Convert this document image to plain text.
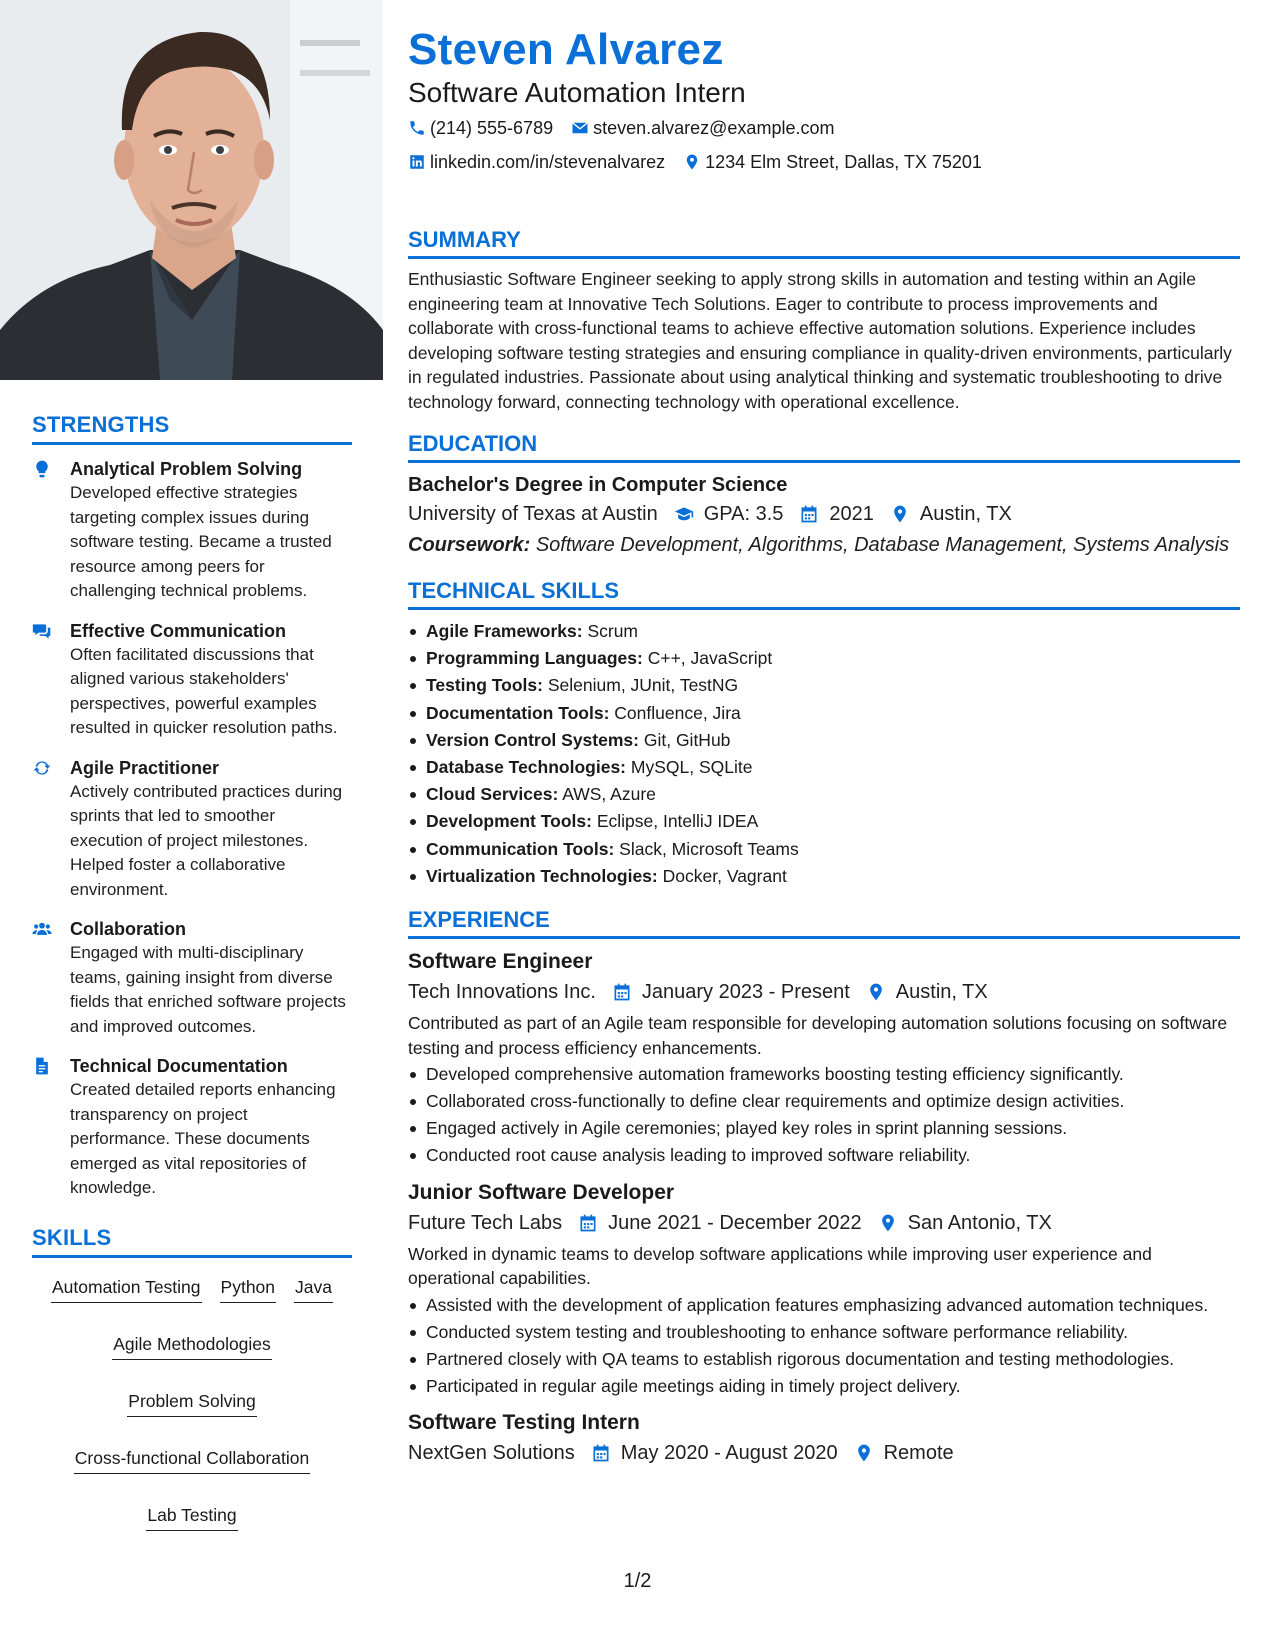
STRENGTHS
Analytical Problem Solving
Developed effective strategies targeting complex issues during software testing. Became a trusted resource among peers for challenging technical problems.
Effective Communication
Often facilitated discussions that aligned various stakeholders' perspectives, powerful examples resulted in quicker resolution paths.
Agile Practitioner
Actively contributed practices during sprints that led to smoother execution of project milestones. Helped foster a collaborative environment.
Collaboration
Engaged with multi-disciplinary teams, gaining insight from diverse fields that enriched software projects and improved outcomes.
Technical Documentation
Created detailed reports enhancing transparency on project performance. These documents emerged as vital repositories of knowledge.
SKILLS
Automation Testing Python Java
Agile Methodologies
Problem Solving
Cross-functional Collaboration
Lab Testing
Steven Alvarez
Software Automation Intern
(214) 555-6789 steven.alvarez@example.com
linkedin.com/in/stevenalvarez 1234 Elm Street, Dallas, TX 75201
SUMMARY
Enthusiastic Software Engineer seeking to apply strong skills in automation and testing within an Agile engineering team at Innovative Tech Solutions. Eager to contribute to process improvements and collaborate with cross-functional teams to achieve effective automation solutions. Experience includes developing software testing strategies and ensuring compliance in quality-driven environments, particularly in regulated industries. Passionate about using analytical thinking and systematic troubleshooting to drive technology forward, connecting technology with operational excellence.
EDUCATION
Bachelor's Degree in Computer Science
University of Texas at Austin GPA: 3.5 2021 Austin, TX
Coursework: Software Development, Algorithms, Database Management, Systems Analysis
TECHNICAL SKILLS
Agile Frameworks: Scrum
Programming Languages: C++, JavaScript
Testing Tools: Selenium, JUnit, TestNG
Documentation Tools: Confluence, Jira
Version Control Systems: Git, GitHub
Database Technologies: MySQL, SQLite
Cloud Services: AWS, Azure
Development Tools: Eclipse, IntelliJ IDEA
Communication Tools: Slack, Microsoft Teams
Virtualization Technologies: Docker, Vagrant
EXPERIENCE
Software Engineer
Tech Innovations Inc. January 2023 - Present Austin, TX
Contributed as part of an Agile team responsible for developing automation solutions focusing on software testing and process efficiency enhancements.
Developed comprehensive automation frameworks boosting testing efficiency significantly.
Collaborated cross-functionally to define clear requirements and optimize design activities.
Engaged actively in Agile ceremonies; played key roles in sprint planning sessions.
Conducted root cause analysis leading to improved software reliability.
Junior Software Developer
Future Tech Labs June 2021 - December 2022 San Antonio, TX
Worked in dynamic teams to develop software applications while improving user experience and operational capabilities.
Assisted with the development of application features emphasizing advanced automation techniques.
Conducted system testing and troubleshooting to enhance software performance reliability.
Partnered closely with QA teams to establish rigorous documentation and testing methodologies.
Participated in regular agile meetings aiding in timely project delivery.
Software Testing Intern
NextGen Solutions May 2020 - August 2020 Remote
1/2
